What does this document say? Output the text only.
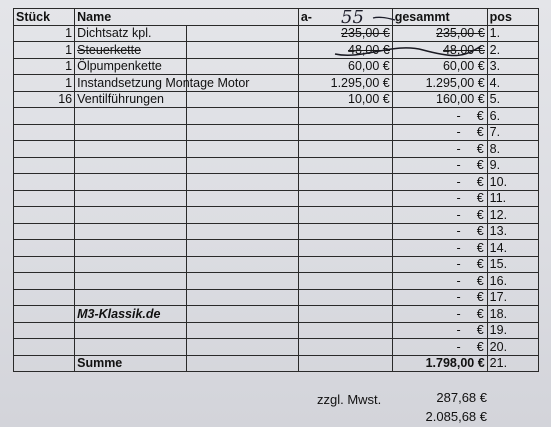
Stück	Name		a-	gesammt	pos
1	Dichtsatz kpl.		235,00 €	235,00 €	1.
1	Steuerkette		48,00 €	48,00 €	2.
1	Ölpumpenkette		60,00 €	60,00 €	3.
1	Instandsetzung Montage Motor		1.295,00 €	1.295,00 €	4.
16	Ventilführungen		10,00 €	160,00 €	5.

				- €	6.

				- €	7.

				- €	8.

				- €	9.

				- €	10.

				- €	11.

				- €	12.

				- €	13.

				- €	14.

				- €	15.

				- €	16.

				- €	17.
	M3-Klassik.de			- €	18.

				- €	19.

				- €	20.
	Summe			1.798,00 €	21.
55
zzgl. Mwst.	287,68 €
2.085,68 €
